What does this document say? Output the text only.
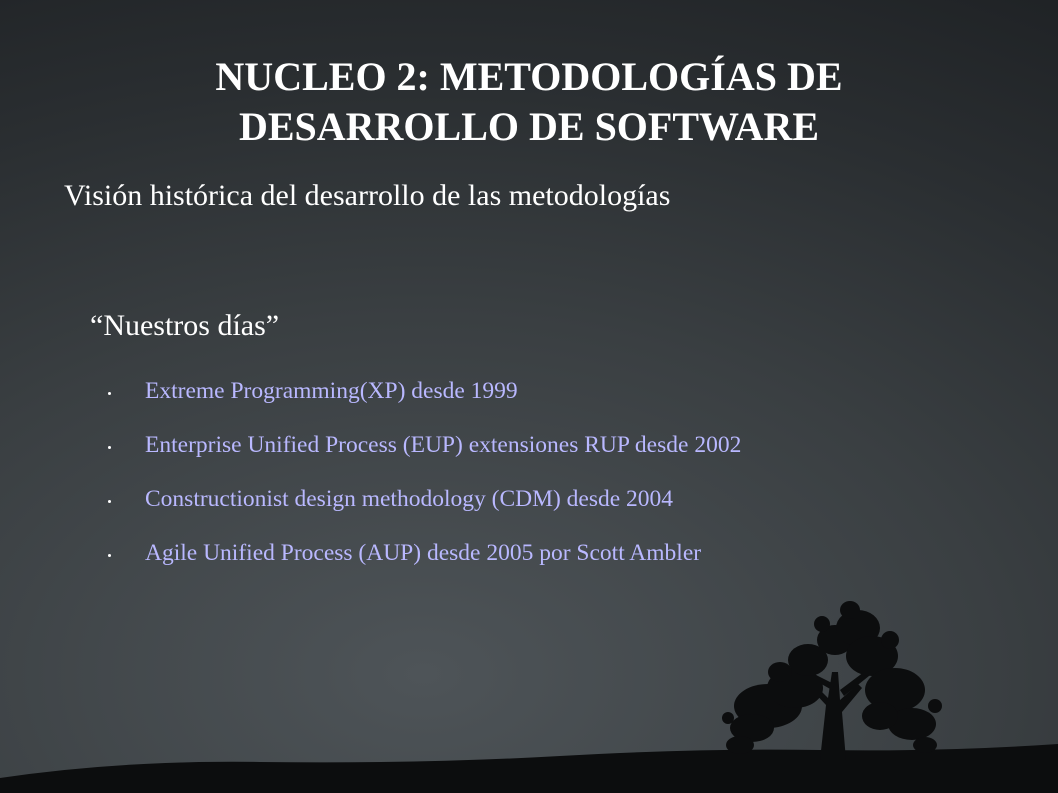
NUCLEO 2: METODOLOGÍAS DE
DESARROLLO DE SOFTWARE
Visión histórica del desarrollo de las metodologías
“Nuestros días”
Extreme Programming(XP) desde 1999
Enterprise Unified Process (EUP) extensiones RUP desde 2002
Constructionist design methodology (CDM) desde 2004
Agile Unified Process (AUP) desde 2005 por Scott Ambler
